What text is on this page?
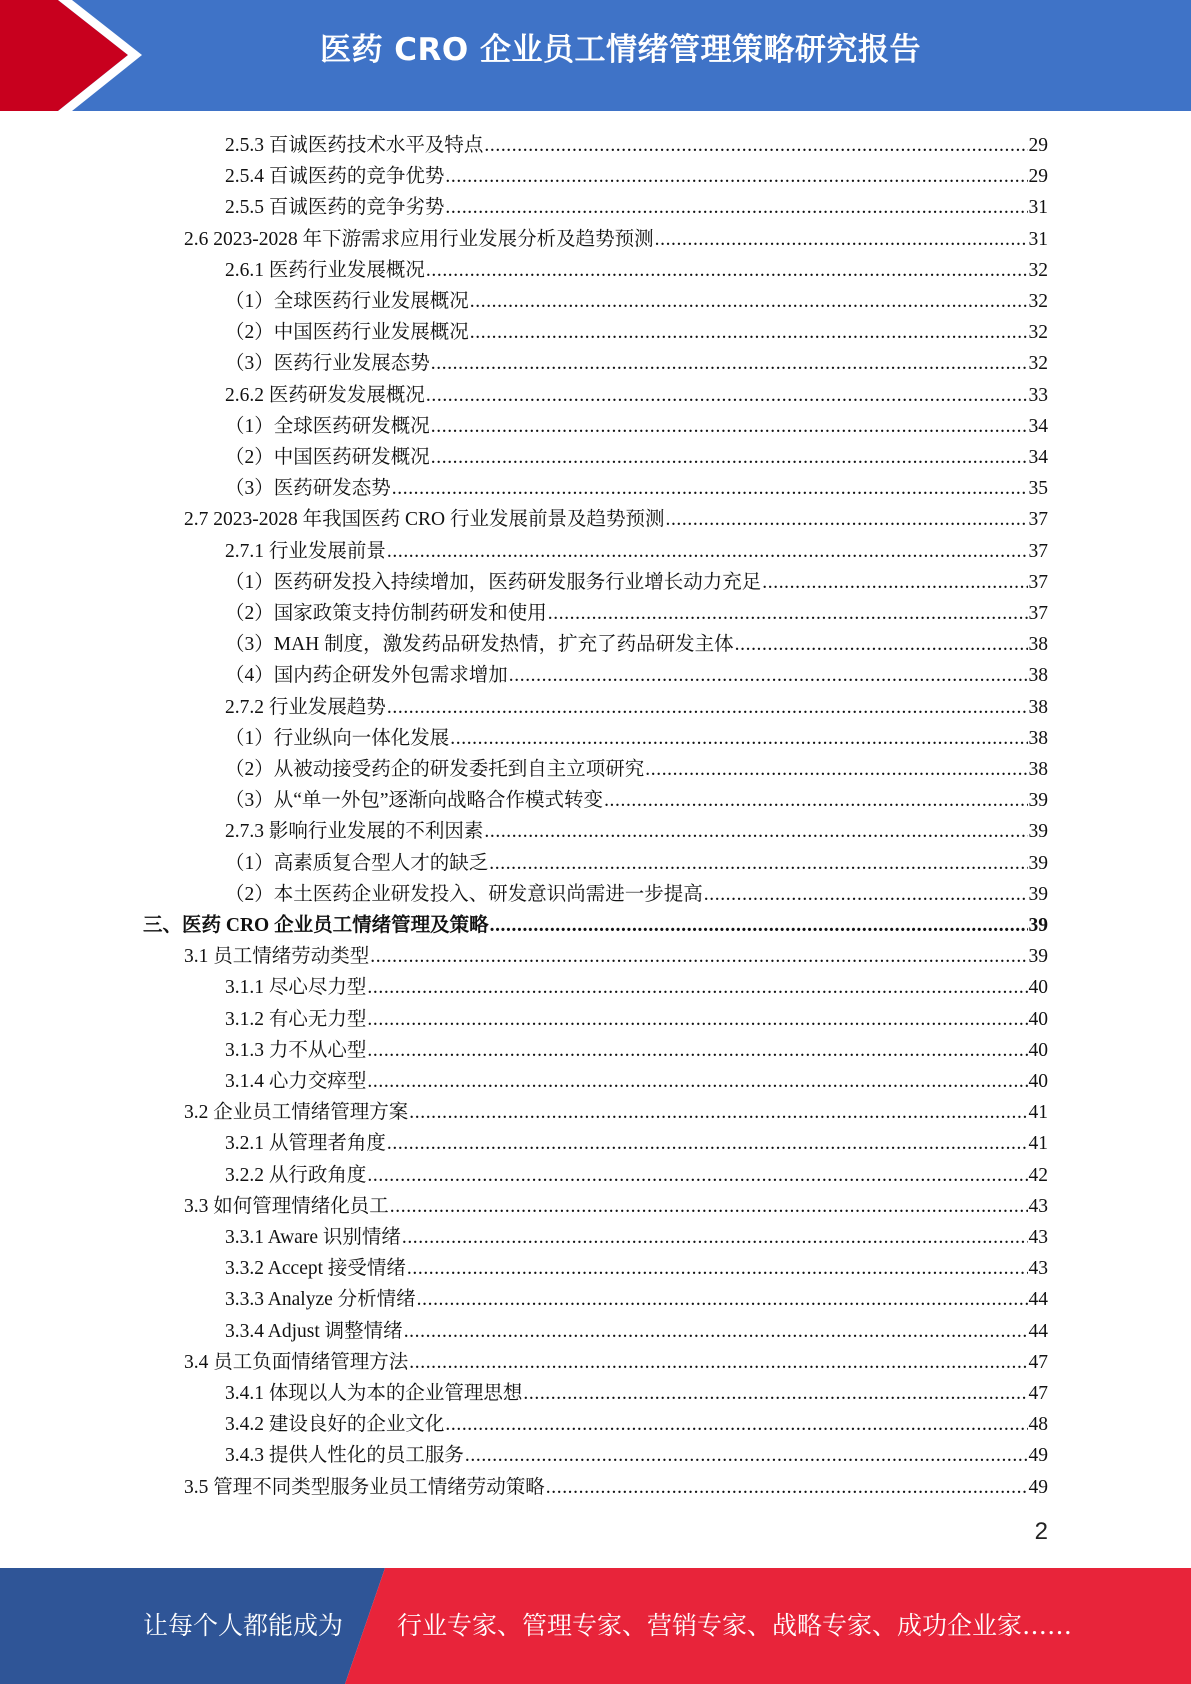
医药 CRO 企业员工情绪管理策略研究报告
2.5.3 百诚医药技术水平及特点 .....	29
2.5.4 百诚医药的竞争优势 .....	29
2.5.5 百诚医药的竞争劣势 .....	31
2.6 2023-2028 年下游需求应用行业发展分析及趋势预测 .....	31
2.6.1 医药行业发展概况 .....	32
（1）全球医药行业发展概况 .....	32
（2）中国医药行业发展概况 .....	32
（3）医药行业发展态势 .....	32
2.6.2 医药研发发展概况 .....	33
（1）全球医药研发概况 .....	34
（2）中国医药研发概况 .....	34
（3）医药研发态势 .....	35
2.7 2023-2028 年我国医药 CRO 行业发展前景及趋势预测 .....	37
2.7.1 行业发展前景 .....	37
（1）医药研发投入持续增加，医药研发服务行业增长动力充足 .....	37
（2）国家政策支持仿制药研发和使用 .....	37
（3）MAH 制度，激发药品研发热情，扩充了药品研发主体 .....	38
（4）国内药企研发外包需求增加 .....	38
2.7.2 行业发展趋势 .....	38
（1）行业纵向一体化发展 .....	38
（2）从被动接受药企的研发委托到自主立项研究 .....	38
（3）从“单一外包”逐渐向战略合作模式转变 .....	39
2.7.3 影响行业发展的不利因素 .....	39
（1）高素质复合型人才的缺乏 .....	39
（2）本土医药企业研发投入、研发意识尚需进一步提高 .....	39
三、医药 CRO 企业员工情绪管理及策略 .....	39
3.1 员工情绪劳动类型 .....	39
3.1.1 尽心尽力型 .....	40
3.1.2 有心无力型 .....	40
3.1.3 力不从心型 .....	40
3.1.4 心力交瘁型 .....	40
3.2 企业员工情绪管理方案 .....	41
3.2.1 从管理者角度 .....	41
3.2.2 从行政角度 .....	42
3.3 如何管理情绪化员工 .....	43
3.3.1 Aware 识别情绪 .....	43
3.3.2 Accept 接受情绪 .....	43
3.3.3 Analyze 分析情绪 .....	44
3.3.4 Adjust 调整情绪 .....	44
3.4 员工负面情绪管理方法 .....	47
3.4.1 体现以人为本的企业管理思想 .....	47
3.4.2 建设良好的企业文化 .....	48
3.4.3 提供人性化的员工服务 .....	49
3.5 管理不同类型服务业员工情绪劳动策略 .....	49
2
让每个人都能成为 行业专家、管理专家、营销专家、战略专家、成功企业家……
